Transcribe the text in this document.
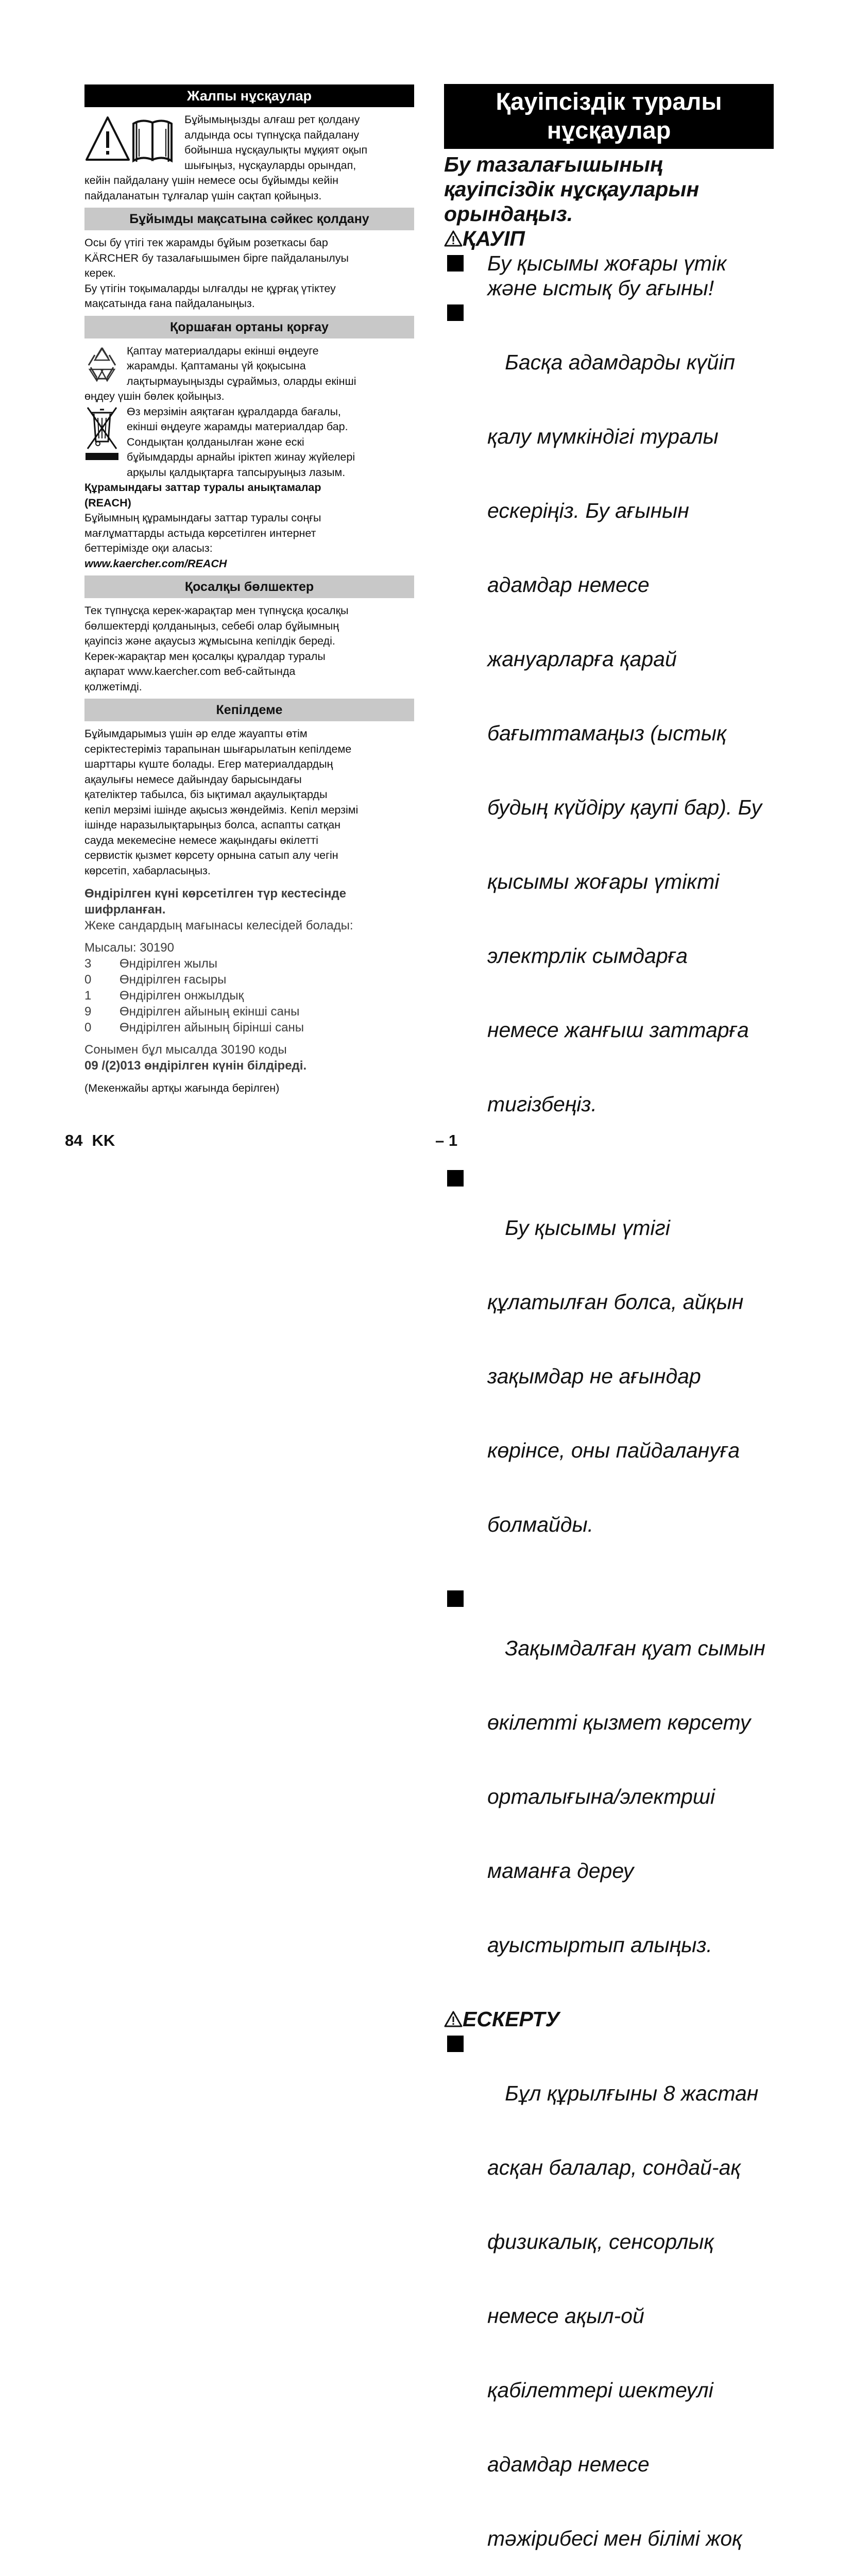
Жалпы нұсқаулар

Бұйымыңызды алғаш рет қолдану

алдында осы түпнұсқа пайдалану

бойынша нұсқаулықты мұқият оқып

шығыңыз, нұсқауларды орындап,

кейін пайдалану үшін немесе осы бұйымды кейін

пайдаланатын тұлғалар үшін сақтап қойыңыз.

Бұйымды мақсатына сәйкес қолдану

Осы бу үтігі тек жарамды бұйым розеткасы бар

KÄRCHER бу тазалағышымен бірге пайдаланылуы

керек.

Бу үтігін тоқымаларды ылғалды не құрғақ үтіктеу

мақсатында ғана пайдаланыңыз.

Қоршаған ортаны қорғау

Қаптау материалдары екінші өңдеуге

жарамды. Қаптаманы үй қоқысына

лақтырмауыңызды сұраймыз, оларды екінші

өңдеу үшін бөлек қойыңыз.

Өз мерзімін аяқтаған құралдарда бағалы,

екінші өңдеуге жарамды материалдар бар.

Сондықтан қолданылған және ескі

бұйымдарды арнайы іріктеп жинау жүйелері

арқылы қалдықтарға тапсыруыңыз лазым.

Құрамындағы заттар туралы анықтамалар

(REACH)

Бұйымның құрамындағы заттар туралы соңғы

мағлұматтарды астыда көрсетілген интернет

беттерімізде оқи аласыз:

www.kaercher.com/REACH

Қосалқы бөлшектер

Тек түпнұсқа керек-жарақтар мен түпнұсқа қосалқы

бөлшектерді қолданыңыз, себебі олар бұйымның

қауіпсіз және ақаусыз жұмысына кепілдік береді.

Керек-жарақтар мен қосалқы құралдар туралы

ақпарат www.kaercher.com веб-сайтында

қолжетімді.

Кепілдеме

Бұйымдарымыз үшін әр елде жауапты өтім

серіктестеріміз тарапынан шығарылатын кепілдеме

шарттары күште болады. Егер материалдардың

ақаулығы немесе дайындау барысындағы

қателіктер табылса, біз ықтимал ақаулықтарды

кепіл мерзімі ішінде ақысыз жөндейміз. Кепіл мерзімі

ішінде наразылықтарыңыз болса, аспапты сатқан

сауда мекемесіне немесе жақындағы өкілетті

сервистік қызмет көрсету орнына сатып алу чегін

көрсетіп, хабарласыңыз.

Өндірілген күні көрсетілген түр кестесінде

шифрланған.

Жеке сандардың мағынасы келесідей болады:

Мысалы: 30190

3	Өндірілген жылы
0	Өндірілген ғасыры
1	Өндірілген онжылдық
9	Өндірілген айының екінші саны
0	Өндірілген айының бірінші саны

Сонымен бұл мысалда 30190 коды

09 /(2)013 өндірілген күнін білдіреді.

(Мекенжайы артқы жағында берілген)

Қауіпсіздік туралы
нұсқаулар

Бу тазалағышының

қауіпсіздік нұсқауларын

орындаңыз.

ҚАУІП
Бу қысымы жоғары үтік
және ыстық бу ағыны!

Басқа адамдарды күйіп

қалу мүмкіндігі туралы

ескеріңіз. Бу ағынын

адамдар немесе

жануарларға қарай

бағыттамаңыз (ыстық

будың күйдіру қаупі бар). Бу

қысымы жоғары үтікті

электрлік сымдарға

немесе жанғыш заттарға

тигізбеңіз.

Бу қысымы үтігі

құлатылған болса, айқын

зақымдар не ағындар

көрінсе, оны пайдалануға

болмайды.

Зақымдалған қуат сымын

өкілетті қызмет көрсету

орталығына/электрші

маманға дереу

ауыстыртып алыңыз.

ЕСКЕРТУ

Бұл құрылғыны 8 жастан

асқан балалар, сондай-ақ

физикалық, сенсорлық

немесе ақыл-ой

қабілеттері шектеулі

адамдар немесе

тәжірибесі мен білімі жоқ

84 KK	– 1
